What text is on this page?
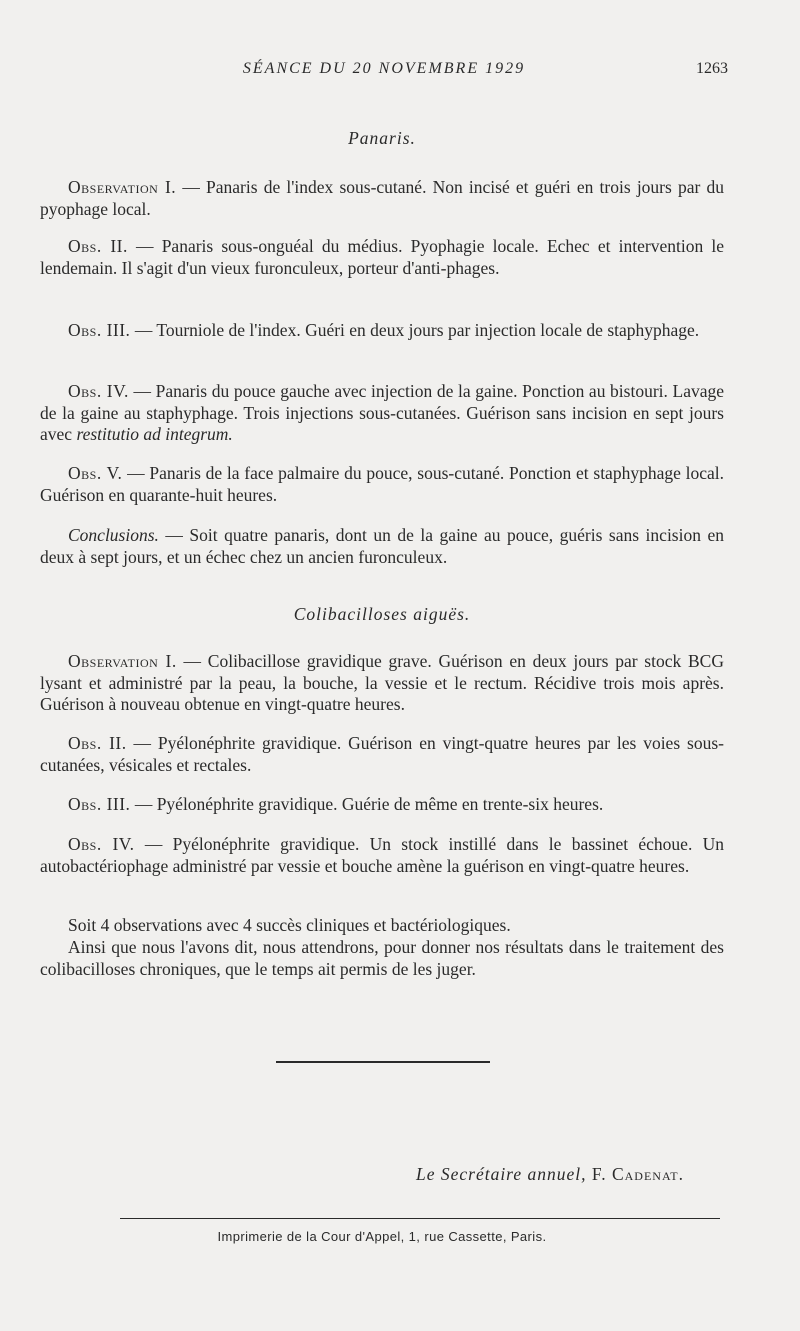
SÉANCE DU 20 NOVEMBRE 1929	1263
Panaris.

Observation I. — Panaris de l'index sous-cutané. Non incisé et guéri en trois jours par du pyophage local.

Obs. II. — Panaris sous-onguéal du médius. Pyophagie locale. Echec et intervention le lendemain. Il s'agit d'un vieux furonculeux, porteur d'anti-phages.

Obs. III. — Tourniole de l'index. Guéri en deux jours par injection locale de staphyphage.

Obs. IV. — Panaris du pouce gauche avec injection de la gaine. Ponction au bistouri. Lavage de la gaine au staphyphage. Trois injections sous-cutanées. Guérison sans incision en sept jours avec restitutio ad integrum.

Obs. V. — Panaris de la face palmaire du pouce, sous-cutané. Ponction et staphyphage local. Guérison en quarante-huit heures.

Conclusions. — Soit quatre panaris, dont un de la gaine au pouce, guéris sans incision en deux à sept jours, et un échec chez un ancien furonculeux.

Colibacilloses aiguës.

Observation I. — Colibacillose gravidique grave. Guérison en deux jours par stock BCG lysant et administré par la peau, la bouche, la vessie et le rectum. Récidive trois mois après. Guérison à nouveau obtenue en vingt-quatre heures.

Obs. II. — Pyélonéphrite gravidique. Guérison en vingt-quatre heures par les voies sous-cutanées, vésicales et rectales.

Obs. III. — Pyélonéphrite gravidique. Guérie de même en trente-six heures.

Obs. IV. — Pyélonéphrite gravidique. Un stock instillé dans le bassinet échoue. Un autobactériophage administré par vessie et bouche amène la guérison en vingt-quatre heures.

Soit 4 observations avec 4 succès cliniques et bactériologiques.

Ainsi que nous l'avons dit, nous attendrons, pour donner nos résultats dans le traitement des colibacilloses chroniques, que le temps ait permis de les juger.

Le Secrétaire annuel, F. Cadenat.
Imprimerie de la Cour d'Appel, 1, rue Cassette, Paris.
